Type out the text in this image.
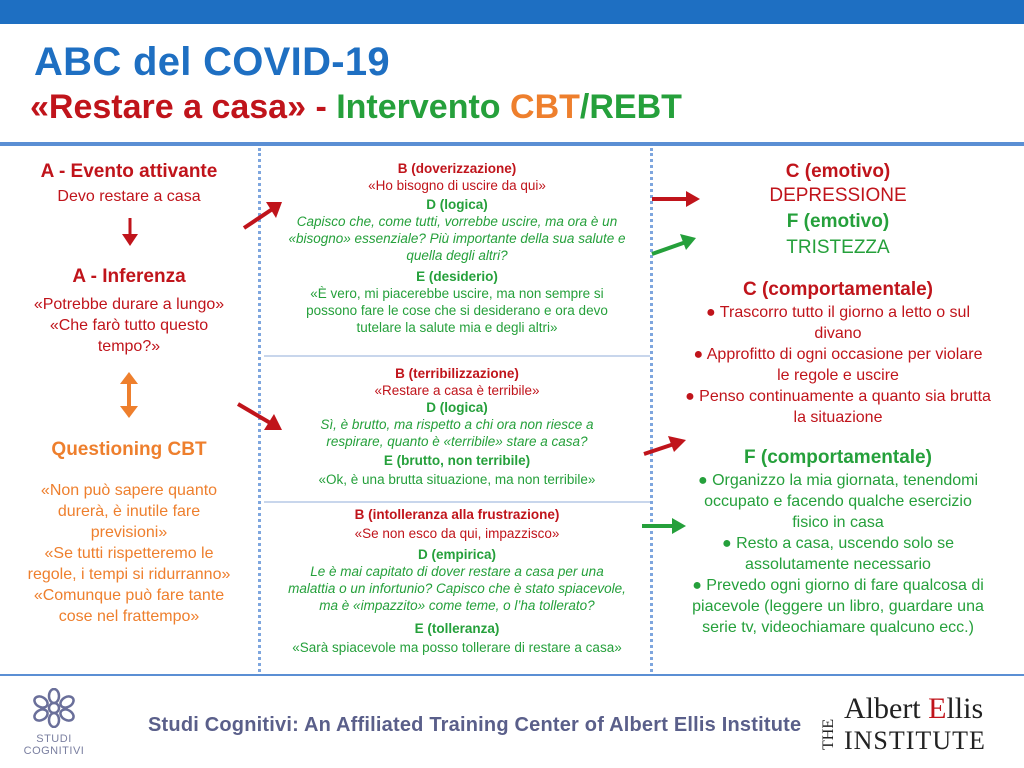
ABC del COVID-19
«Restare a casa» - Intervento CBT/REBT
A - Evento attivante
Devo restare a casa
A - Inferenza

«Potrebbe durare a lungo»

«Che farò tutto questo

tempo?»

Questioning CBT

«Non può sapere quanto

durerà, è inutile fare

previsioni»

«Se tutti rispetteremo le

regole, i tempi si ridurranno»

«Comunque può fare tante

cose nel frattempo»

B (doverizzazione)

«Ho bisogno di uscire da qui»

D (logica)

Capisco che, come tutti, vorrebbe uscire, ma ora è un

«bisogno» essenziale? Più importante della sua salute e

quella degli altri?

E (desiderio)

«È vero, mi piacerebbe uscire, ma non sempre si

possono fare le cose che si desiderano e ora devo

tutelare la salute mia e degli altri»

B (terribilizzazione)

«Restare a casa è terribile»

D (logica)

Sì, è brutto, ma rispetto a chi ora non riesce a

respirare, quanto è «terribile» stare a casa?

E (brutto, non terribile)

«Ok, è una brutta situazione, ma non terribile»

B (intolleranza alla frustrazione)

«Se non esco da qui, impazzisco»

D (empirica)

Le è mai capitato di dover restare a casa per una

malattia o un infortunio? Capisco che è stato spiacevole,

ma è «impazzito» come teme, o l’ha tollerato?

E (tolleranza)

«Sarà spiacevole ma posso tollerare di restare a casa»

C (emotivo)
DEPRESSIONE
F (emotivo)
TRISTEZZA
C (comportamentale)

● Trascorro tutto il giorno a letto o sul

divano

● Approfitto di ogni occasione per violare

le regole e uscire

● Penso continuamente a quanto sia brutta

la situazione

F (comportamentale)

● Organizzo la mia giornata, tenendomi

occupato e facendo qualche esercizio

fisico in casa

● Resto a casa, uscendo solo se

assolutamente necessario

● Prevedo ogni giorno di fare qualcosa di

piacevole (leggere un libro, guardare una

serie tv, videochiamare qualcuno ecc.)

STUDI
COGNITIVI
Studi Cognitivi: An Affiliated Training Center of Albert Ellis Institute THE
Albert Ellis
INSTITUTE
